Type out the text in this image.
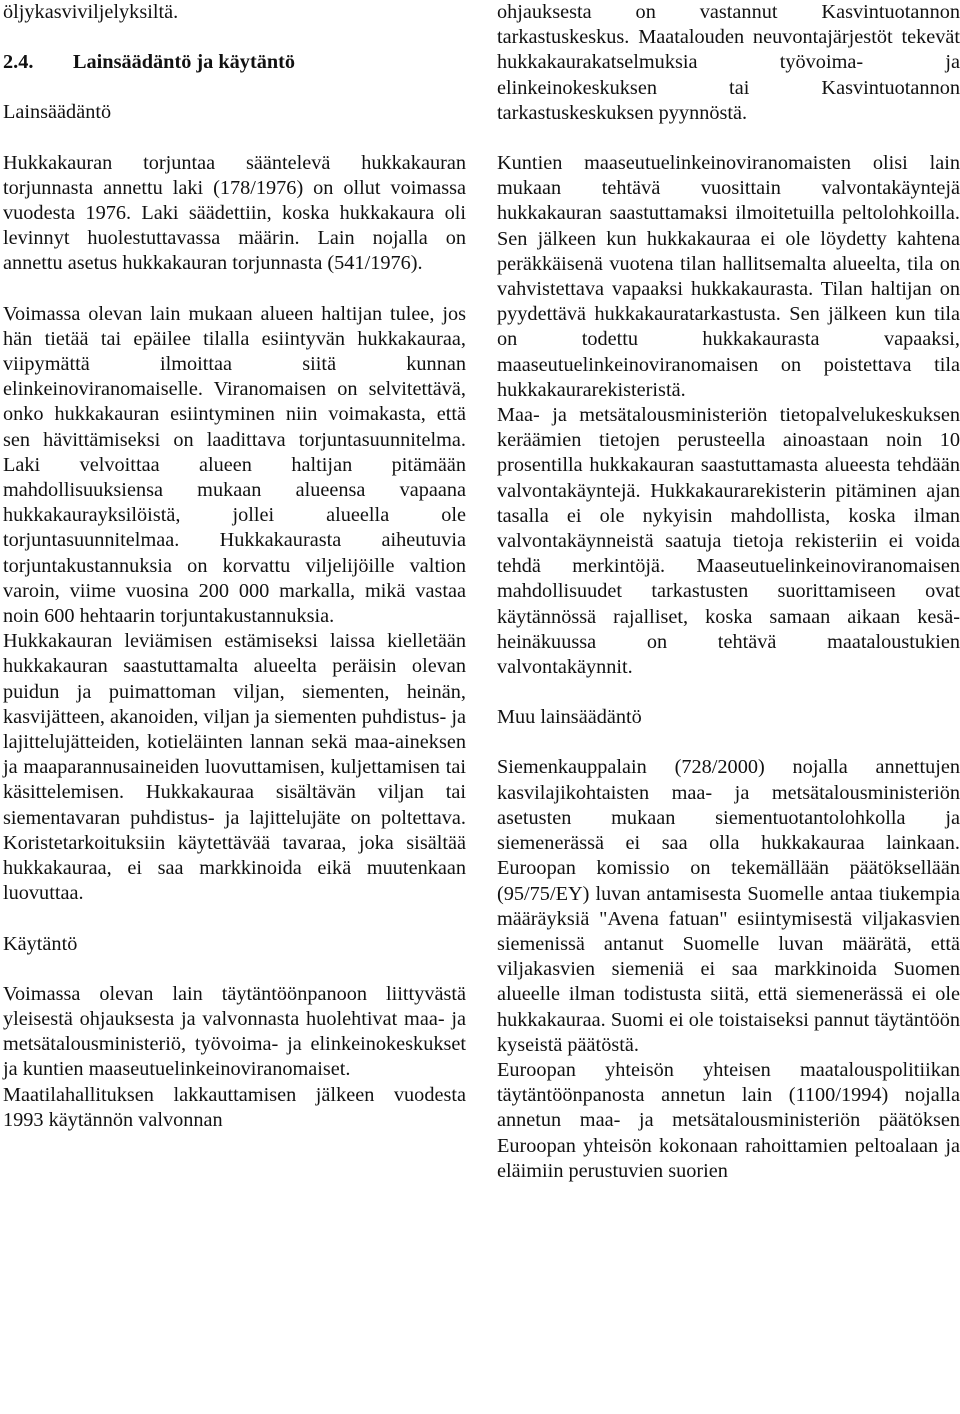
öljykasviviljelyksiltä.

2.4. Lainsäädäntö ja käytäntö

Lainsäädäntö

Hukkakauran torjuntaa sääntelevä hukkakauran torjunnasta annettu laki (178/1976) on ollut voimassa vuodesta 1976. Laki säädettiin, koska hukkakaura oli levinnyt huolestuttavassa määrin. Lain nojalla on annettu asetus hukkakauran torjunnasta (541/1976).

Voimassa olevan lain mukaan alueen haltijan tulee, jos hän tietää tai epäilee tilalla esiintyvän hukkakauraa, viipymättä ilmoittaa siitä kunnan elinkeinoviranomaiselle. Viranomaisen on selvitettävä, onko hukkakauran esiintyminen niin voimakasta, että sen hävittämiseksi on laadittava torjuntasuunnitelma. Laki velvoittaa alueen haltijan pitämään mahdollisuuksiensa mukaan alueensa vapaana hukkakaurayksilöistä, jollei alueella ole torjuntasuunnitelmaa. Hukkakaurasta aiheutuvia torjuntakustannuksia on korvattu viljelijöille valtion varoin, viime vuosina 200 000 markalla, mikä vastaa noin 600 hehtaarin torjuntakustannuksia.

Hukkakauran leviämisen estämiseksi laissa kielletään hukkakauran saastuttamalta alueelta peräisin olevan puidun ja puimattoman viljan, siementen, heinän, kasvijätteen, akanoiden, viljan ja siementen puhdistus- ja lajittelujätteiden, kotieläinten lannan sekä maa-aineksen ja maaparannusaineiden luovuttamisen, kuljettamisen tai käsittelemisen. Hukkakauraa sisältävän viljan tai siementavaran puhdistus- ja lajittelujäte on poltettava. Koristetarkoituksiin käytettävää tavaraa, joka sisältää hukkakauraa, ei saa markkinoida eikä muutenkaan luovuttaa.

Käytäntö

Voimassa olevan lain täytäntöönpanoon liittyvästä yleisestä ohjauksesta ja valvonnasta huolehtivat maa- ja metsätalousministeriö, työvoima- ja elinkeinokeskukset ja kuntien maaseutuelinkeinoviranomaiset.

Maatilahallituksen lakkauttamisen jälkeen vuodesta 1993 käytännön valvonnan

ohjauksesta on vastannut Kasvintuotannon tarkastuskeskus. Maatalouden neuvontajärjestöt tekevät hukkakaurakatselmuksia työvoima- ja elinkeinokeskuksen tai Kasvintuotannon tarkastuskeskuksen pyynnöstä.

Kuntien maaseutuelinkeinoviranomaisten olisi lain mukaan tehtävä vuosittain valvontakäyntejä hukkakauran saastuttamaksi ilmoitetuilla peltolohkoilla. Sen jälkeen kun hukkakauraa ei ole löydetty kahtena peräkkäisenä vuotena tilan hallitsemalta alueelta, tila on vahvistettava vapaaksi hukkakaurasta. Tilan haltijan on pyydettävä hukkakauratarkastusta. Sen jälkeen kun tila on todettu hukkakaurasta vapaaksi, maaseutuelinkeinoviranomaisen on poistettava tila hukkakaurarekisteristä.

Maa- ja metsätalousministeriön tietopalvelukeskuksen keräämien tietojen perusteella ainoastaan noin 10 prosentilla hukkakauran saastuttamasta alueesta tehdään valvontakäyntejä. Hukkakaurarekisterin pitäminen ajan tasalla ei ole nykyisin mahdollista, koska ilman valvontakäynneistä saatuja tietoja rekisteriin ei voida tehdä merkintöjä. Maaseutuelinkeinoviranomaisen mahdollisuudet tarkastusten suorittamiseen ovat käytännössä rajalliset, koska samaan aikaan kesä-heinäkuussa on tehtävä maataloustukien valvontakäynnit.

Muu lainsäädäntö

Siemenkauppalain (728/2000) nojalla annettujen kasvilajikohtaisten maa- ja metsätalousministeriön asetusten mukaan siementuotantolohkolla ja siemenerässä ei saa olla hukkakauraa lainkaan. Euroopan komissio on tekemällään päätöksellään (95/75/EY) luvan antamisesta Suomelle antaa tiukempia määräyksiä "Avena fatuan" esiintymisestä viljakasvien siemenissä antanut Suomelle luvan määrätä, että viljakasvien siemeniä ei saa markkinoida Suomen alueelle ilman todistusta siitä, että siemenerässä ei ole hukkakauraa. Suomi ei ole toistaiseksi pannut täytäntöön kyseistä päätöstä.

Euroopan yhteisön yhteisen maatalouspolitiikan täytäntöönpanosta annetun lain (1100/1994) nojalla annetun maa- ja metsätalousministeriön päätöksen Euroopan yhteisön kokonaan rahoittamien peltoalaan ja eläimiin perustuvien suorien
